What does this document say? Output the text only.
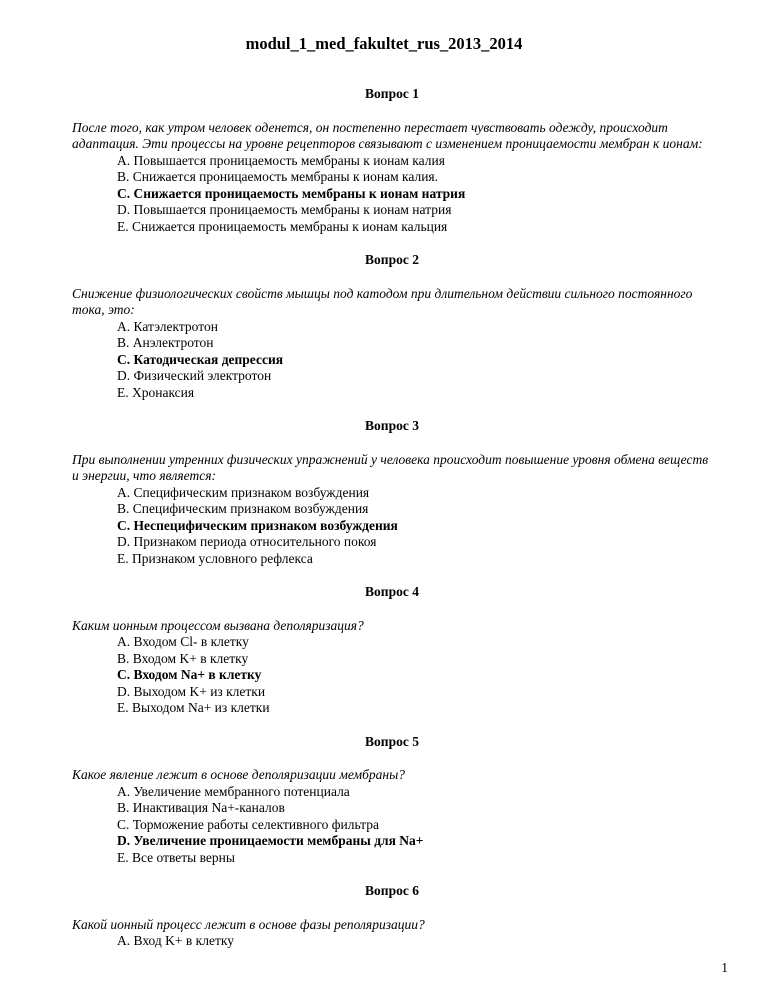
modul_1_med_fakultet_rus_2013_2014
Вопрос 1
После того, как утром человек оденется, он постепенно перестает чувствовать одежду, происходит адаптация. Эти процессы на уровне рецепторов связывают с изменением проницаемости мембран к ионам:
A. Повышается проницаемость мембраны к ионам калия
B. Снижается проницаемость мембраны к ионам калия.
C. Снижается проницаемость мембраны к ионам натрия
D. Повышается проницаемость мембраны к ионам натрия
E. Снижается проницаемость мембраны к ионам кальция
Вопрос 2
Снижение физиологических свойств мышцы под катодом при длительном действии сильного постоянного тока, это:
A. Катэлектротон
B. Анэлектротон
C. Катодическая депрессия
D. Физический электротон
E. Хронаксия
Вопрос 3
При выполнении утренних физических упражнений у человека происходит повышение уровня обмена веществ и энергии, что является:
A. Специфическим признаком возбуждения
B. Специфическим признаком возбуждения
C. Неспецифическим признаком возбуждения
D. Признаком периода относительного покоя
E. Признаком условного рефлекса
Вопрос 4
Каким ионным процессом вызвана деполяризация?
A. Входом Cl- в клетку
B. Входом K+ в клетку
C. Входом Na+ в клетку
D. Выходом K+ из клетки
E. Выходом Na+ из клетки
Вопрос 5
Какое явление лежит в основе деполяризации мембраны?
A. Увеличение мембранного потенциала
B. Инактивация Na+-каналов
C. Торможение работы селективного фильтра
D. Увеличение проницаемости мембраны для Na+
E. Все ответы верны
Вопрос 6
Какой ионный процесс лежит в основе фазы реполяризации?
A. Вход K+ в клетку
1
